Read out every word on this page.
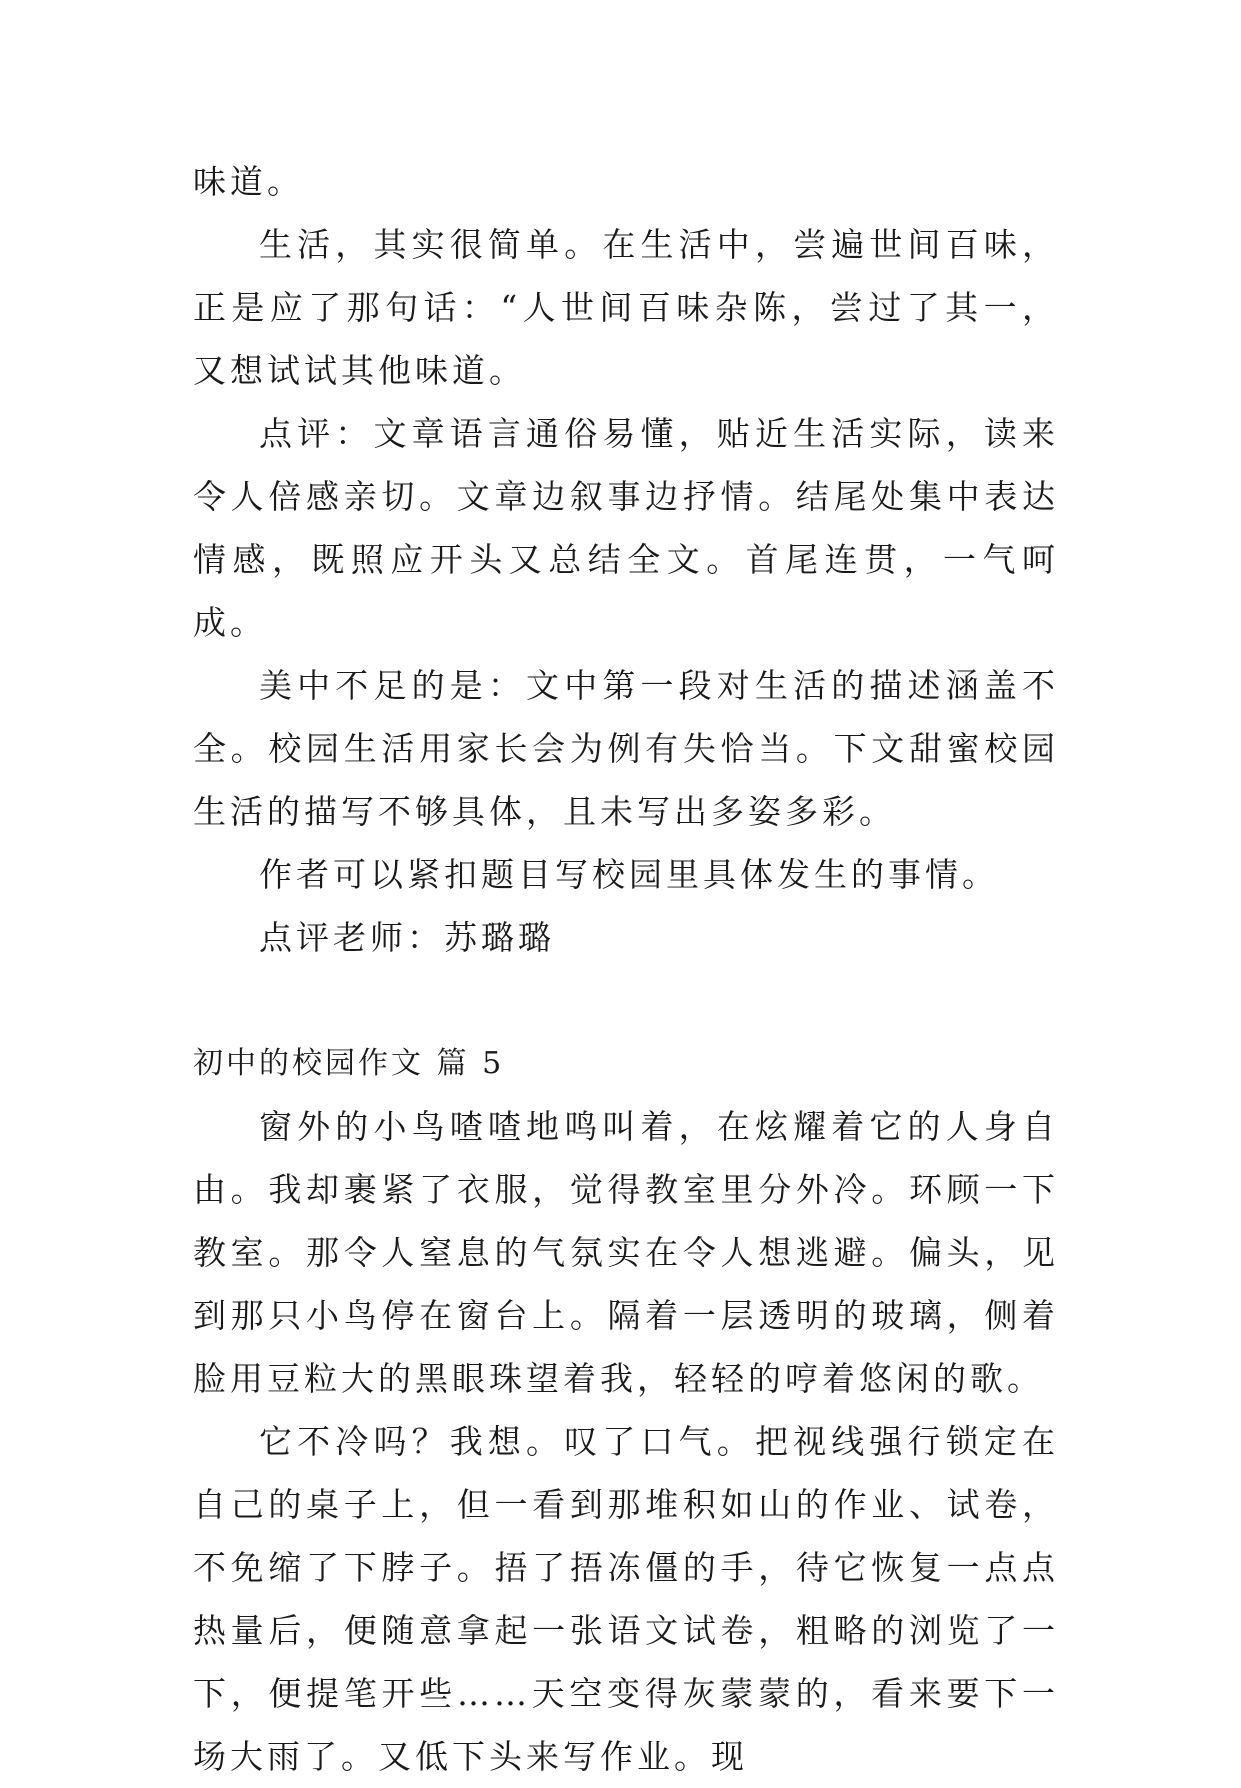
味道。

生活，其实很简单。在生活中，尝遍世间百味，正是应了那句话：“人世间百味杂陈，尝过了其一，又想试试其他味道。

点评：文章语言通俗易懂，贴近生活实际，读来令人倍感亲切。文章边叙事边抒情。结尾处集中表达情感，既照应开头又总结全文。首尾连贯，一气呵成。

美中不足的是：文中第一段对生活的描述涵盖不全。校园生活用家长会为例有失恰当。下文甜蜜校园生活的描写不够具体，且未写出多姿多彩。

作者可以紧扣题目写校园里具体发生的事情。

点评老师：苏璐璐

初中的校园作文 篇 5

窗外的小鸟喳喳地鸣叫着，在炫耀着它的人身自由。我却裹紧了衣服，觉得教室里分外冷。环顾一下教室。那令人窒息的气氛实在令人想逃避。偏头，见到那只小鸟停在窗台上。隔着一层透明的玻璃，侧着脸用豆粒大的黑眼珠望着我，轻轻的哼着悠闲的歌。

它不冷吗？我想。叹了口气。把视线强行锁定在自己的桌子上，但一看到那堆积如山的作业、试卷，不免缩了下脖子。捂了捂冻僵的手，待它恢复一点点热量后，便随意拿起一张语文试卷，粗略的浏览了一下，便提笔开些……天空变得灰蒙蒙的，看来要下一场大雨了。又低下头来写作业。现
